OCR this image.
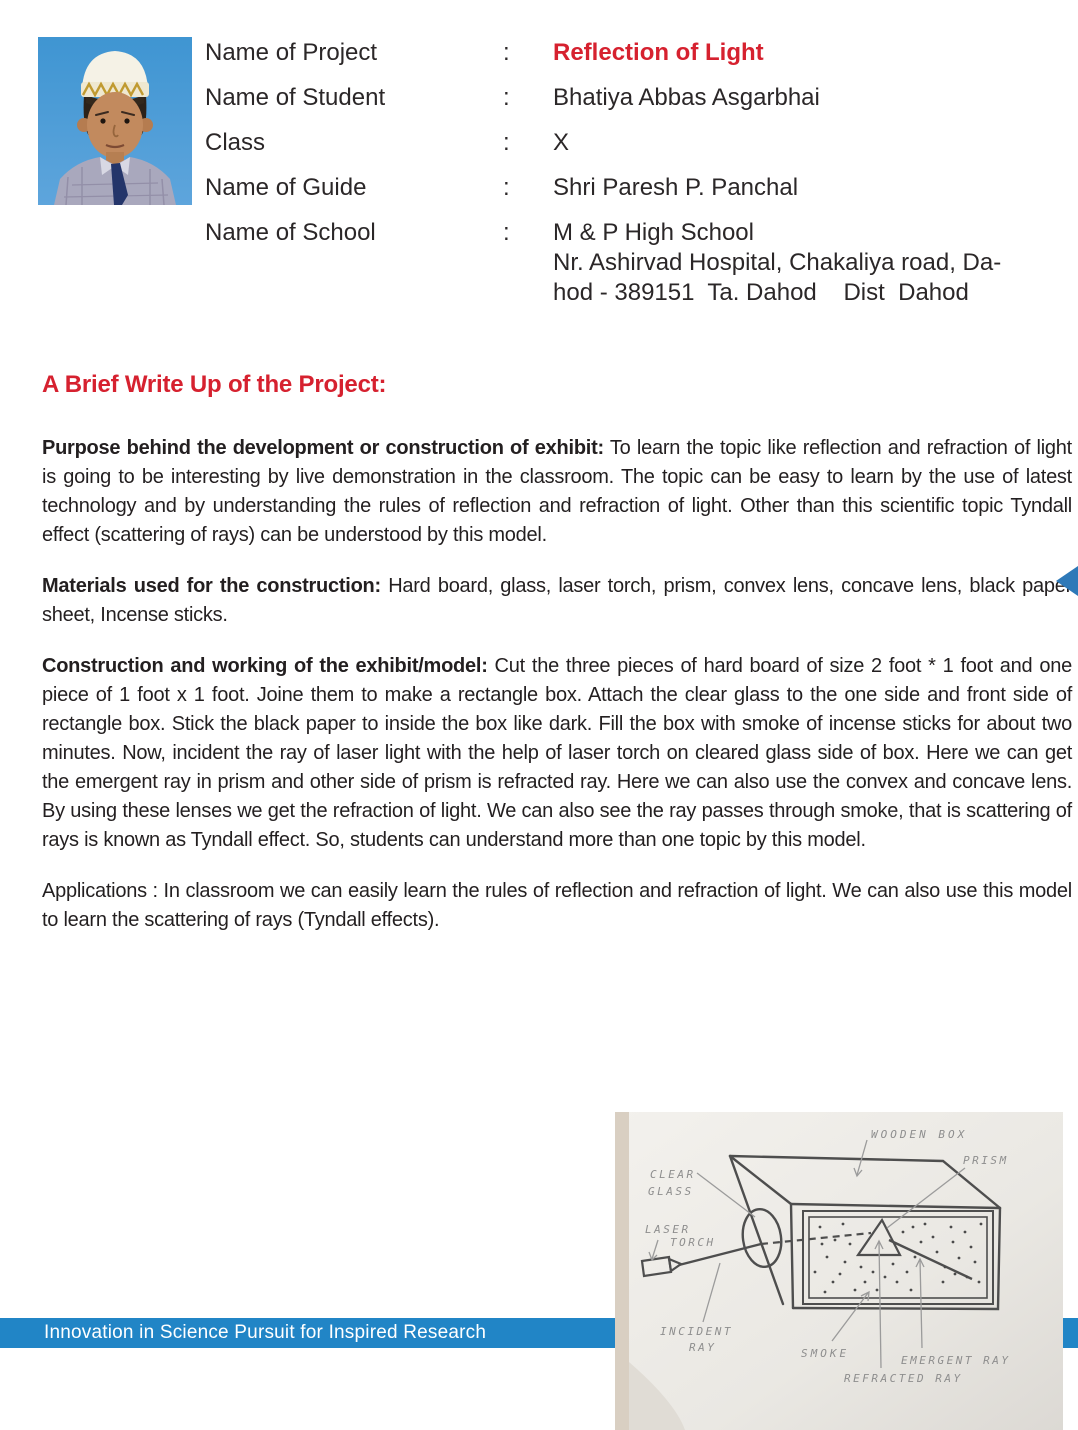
Name of Project	:	Reflection of Light
Name of Student	:	Bhatiya Abbas Asgarbhai
Class	:	X
Name of Guide	:	Shri Paresh P. Panchal
Name of School	:	M & P High School
Nr. Ashirvad Hospital, Chakaliya road, Da-
hod - 389151  Ta. Dahod    Dist  Dahod
A Brief Write Up of the Project:

Purpose behind the development or construction of exhibit: To learn the topic like reflection and refraction of light is going to be interesting by live demonstration in the classroom. The topic can be easy to learn by the use of latest technology and by understanding the rules of reflection and refraction of light. Other than this scientific topic Tyndall effect (scattering of rays) can be understood by this model.

Materials used for the construction: Hard board, glass, laser torch, prism, convex lens, concave lens, black paper sheet, Incense sticks.

Construction and working of the exhibit/model: Cut the three pieces of hard board of size 2 foot * 1 foot and one piece of 1 foot x 1 foot. Joine them to make a rectangle box. Attach the clear glass to the one side and front side of rectangle box. Stick the black paper to inside the box like dark. Fill the box with smoke of incense sticks for about two minutes. Now, incident the ray of laser light with the help of laser torch on cleared glass side of box. Here we can get the emergent ray in prism and other side of prism is refracted ray. Here we can also use the convex and concave lens. By using these lenses we get the refraction of light. We can also see the ray passes through smoke, that is scattering of rays is known as Tyndall effect. So, students can understand more than one topic by this model.

Applications : In classroom we can easily learn the rules of reflection and refraction of light. We can also use this model to learn the scattering of rays (Tyndall effects).

Innovation in Science Pursuit for Inspired Research
WOODEN BOX
PRISM
CLEAR
GLASS
LASER
TORCH
INCIDENT
RAY	SMOKE
EMERGENT RAY
REFRACTED RAY
